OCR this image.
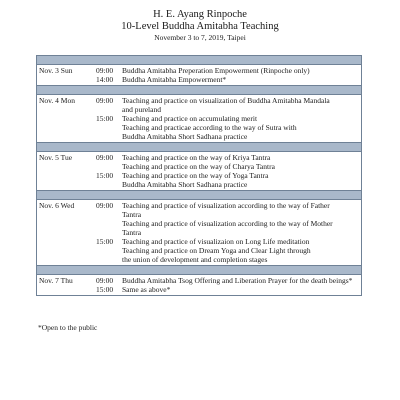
H. E. Ayang Rinpoche
10-Level Buddha Amitabha Teaching
November 3 to 7, 2019, Taipei
Nov. 3 Sun	09:00	Buddha Amitabha Preperation Empowerment (Rinpoche only)
14:00	Buddha Amitabha Empowerment*
Nov. 4 Mon	09:00	Teaching and practice on visualization of Buddha Amitabha Mandala
and pureland
15:00	Teaching and practice on accumulating merit
Teaching and practicae according to the way of Sutra with
Buddha Amitabha Short Sadhana practice
Nov. 5 Tue	09:00	Teaching and practice on the way of Kriya Tantra
Teaching and practice on the way of Charya Tantra
15:00	Teaching and practice on the way of Yoga Tantra
Buddha Amitabha Short Sadhana practice
Nov. 6 Wed	09:00	Teaching and practice of visualization according to the way of Father
Tantra
Teaching and practice of visualization according to the way of Mother
Tantra
15:00	Teaching and practice of visualizaion on Long Life meditation
Teaching and practice on Dream Yoga and Clear Light through
the union of development and completion stages
Nov. 7 Thu	09:00	Buddha Amitabha Tsog Offering and Liberation Prayer for the death beings*
15:00	Same as above*
*Open to the public
